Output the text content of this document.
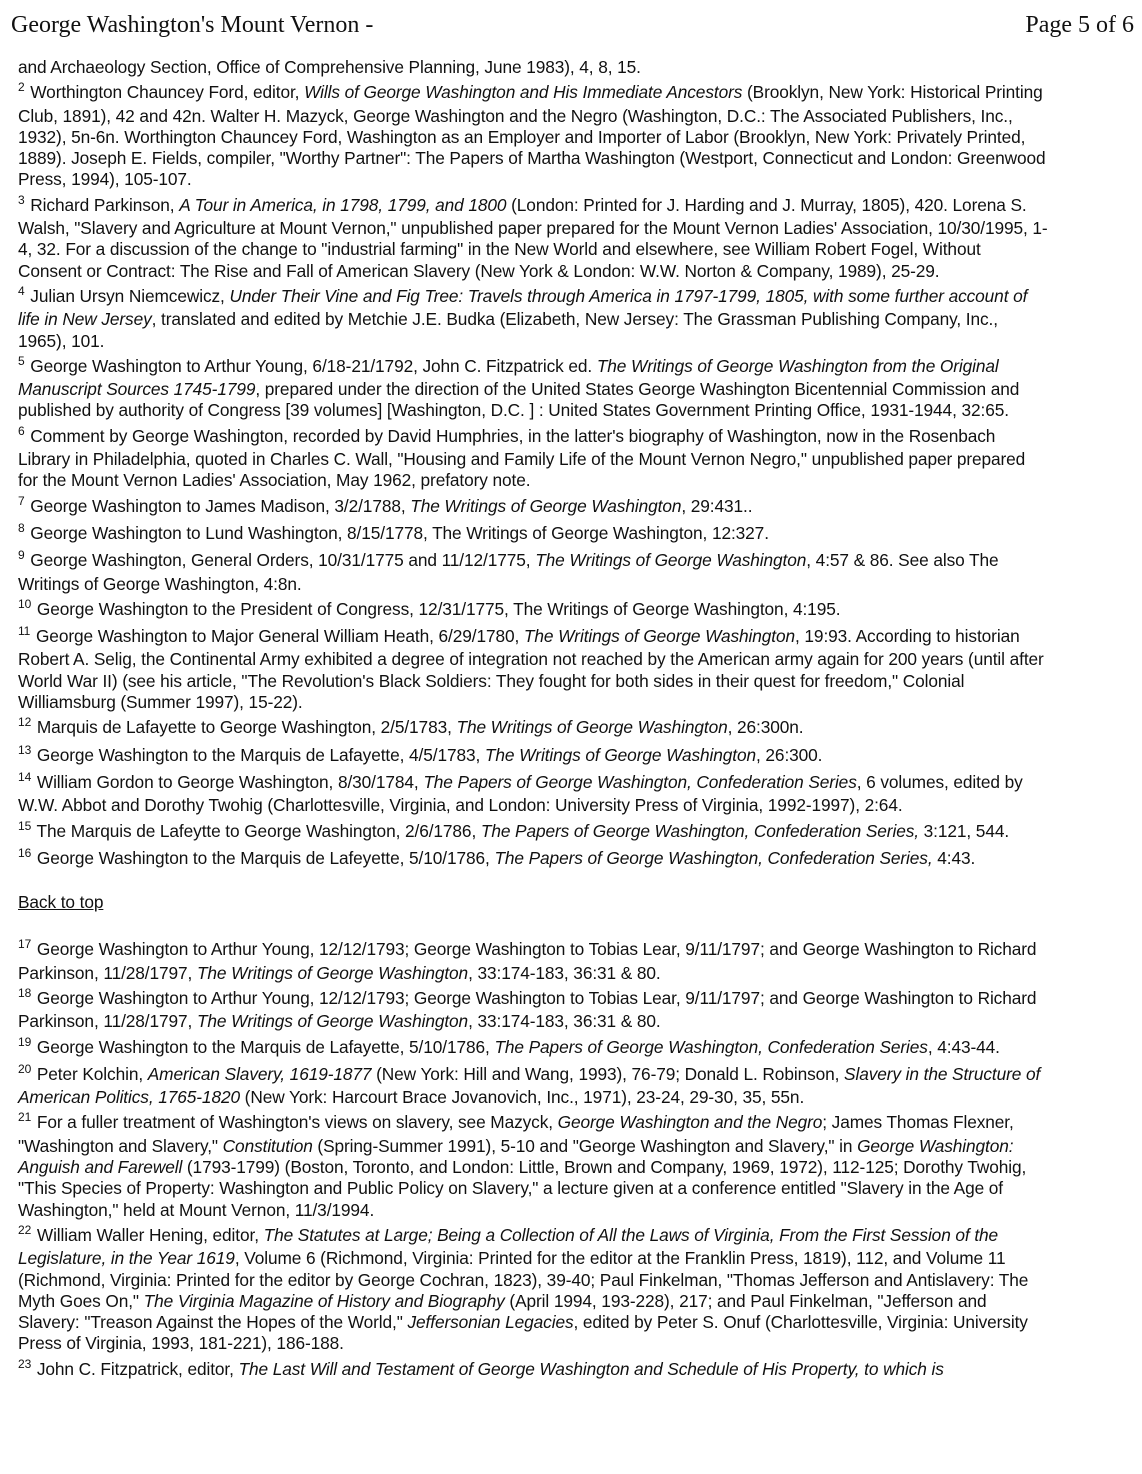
George Washington's Mount Vernon -	Page 5 of 6

and Archaeology Section, Office of Comprehensive Planning, June 1983), 4, 8, 15.

$^2$ Worthington Chauncey Ford, editor, Wills of George Washington and His Immediate Ancestors (Brooklyn, New York: Historical Printing Club, 1891), 42 and 42n. Walter H. Mazyck, George Washington and the Negro (Washington, D.C.: The Associated Publishers, Inc., 1932), 5n-6n. Worthington Chauncey Ford, Washington as an Employer and Importer of Labor (Brooklyn, New York: Privately Printed, 1889). Joseph E. Fields, compiler, "Worthy Partner": The Papers of Martha Washington (Westport, Connecticut and London: Greenwood Press, 1994), 105-107.

$^3$ Richard Parkinson, A Tour in America, in 1798, 1799, and 1800 (London: Printed for J. Harding and J. Murray, 1805), 420. Lorena S. Walsh, "Slavery and Agriculture at Mount Vernon," unpublished paper prepared for the Mount Vernon Ladies' Association, 10/30/1995, 1-4, 32. For a discussion of the change to "industrial farming" in the New World and elsewhere, see William Robert Fogel, Without Consent or Contract: The Rise and Fall of American Slavery (New York & London: W.W. Norton & Company, 1989), 25-29.

$^4$ Julian Ursyn Niemcewicz, Under Their Vine and Fig Tree: Travels through America in 1797-1799, 1805, with some further account of life in New Jersey, translated and edited by Metchie J.E. Budka (Elizabeth, New Jersey: The Grassman Publishing Company, Inc., 1965), 101.

$^5$ George Washington to Arthur Young, 6/18-21/1792, John C. Fitzpatrick ed. The Writings of George Washington from the Original Manuscript Sources 1745-1799, prepared under the direction of the United States George Washington Bicentennial Commission and published by authority of Congress [39 volumes] [Washington, D.C. ] : United States Government Printing Office, 1931-1944, 32:65.

$^6$ Comment by George Washington, recorded by David Humphries, in the latter's biography of Washington, now in the Rosenbach Library in Philadelphia, quoted in Charles C. Wall, "Housing and Family Life of the Mount Vernon Negro," unpublished paper prepared for the Mount Vernon Ladies' Association, May 1962, prefatory note.

$^7$ George Washington to James Madison, 3/2/1788, The Writings of George Washington, 29:431..

$^8$ George Washington to Lund Washington, 8/15/1778, The Writings of George Washington, 12:327.

$^9$ George Washington, General Orders, 10/31/1775 and 11/12/1775, The Writings of George Washington, 4:57 & 86. See also The Writings of George Washington, 4:8n.

$^{10}$ George Washington to the President of Congress, 12/31/1775, The Writings of George Washington, 4:195.

$^{11}$ George Washington to Major General William Heath, 6/29/1780, The Writings of George Washington, 19:93. According to historian Robert A. Selig, the Continental Army exhibited a degree of integration not reached by the American army again for 200 years (until after World War II) (see his article, "The Revolution's Black Soldiers: They fought for both sides in their quest for freedom," Colonial Williamsburg (Summer 1997), 15-22).

$^{12}$ Marquis de Lafayette to George Washington, 2/5/1783, The Writings of George Washington, 26:300n.

$^{13}$ George Washington to the Marquis de Lafayette, 4/5/1783, The Writings of George Washington, 26:300.

$^{14}$ William Gordon to George Washington, 8/30/1784, The Papers of George Washington, Confederation Series, 6 volumes, edited by W.W. Abbot and Dorothy Twohig (Charlottesville, Virginia, and London: University Press of Virginia, 1992-1997), 2:64.

$^{15}$ The Marquis de Lafeytte to George Washington, 2/6/1786, The Papers of George Washington, Confederation Series, 3:121, 544.

$^{16}$ George Washington to the Marquis de Lafeyette, 5/10/1786, The Papers of George Washington, Confederation Series, 4:43.

Back to top

$^{17}$ George Washington to Arthur Young, 12/12/1793; George Washington to Tobias Lear, 9/11/1797; and George Washington to Richard Parkinson, 11/28/1797, The Writings of George Washington, 33:174-183, 36:31 & 80.

$^{18}$ George Washington to Arthur Young, 12/12/1793; George Washington to Tobias Lear, 9/11/1797; and George Washington to Richard Parkinson, 11/28/1797, The Writings of George Washington, 33:174-183, 36:31 & 80.

$^{19}$ George Washington to the Marquis de Lafayette, 5/10/1786, The Papers of George Washington, Confederation Series, 4:43-44.

$^{20}$ Peter Kolchin, American Slavery, 1619-1877 (New York: Hill and Wang, 1993), 76-79; Donald L. Robinson, Slavery in the Structure of American Politics, 1765-1820 (New York: Harcourt Brace Jovanovich, Inc., 1971), 23-24, 29-30, 35, 55n.

$^{21}$ For a fuller treatment of Washington's views on slavery, see Mazyck, George Washington and the Negro; James Thomas Flexner, "Washington and Slavery," Constitution (Spring-Summer 1991), 5-10 and "George Washington and Slavery," in George Washington: Anguish and Farewell (1793-1799) (Boston, Toronto, and London: Little, Brown and Company, 1969, 1972), 112-125; Dorothy Twohig, "This Species of Property: Washington and Public Policy on Slavery," a lecture given at a conference entitled "Slavery in the Age of Washington," held at Mount Vernon, 11/3/1994.

$^{22}$ William Waller Hening, editor, The Statutes at Large; Being a Collection of All the Laws of Virginia, From the First Session of the Legislature, in the Year 1619, Volume 6 (Richmond, Virginia: Printed for the editor at the Franklin Press, 1819), 112, and Volume 11 (Richmond, Virginia: Printed for the editor by George Cochran, 1823), 39-40; Paul Finkelman, "Thomas Jefferson and Antislavery: The Myth Goes On," The Virginia Magazine of History and Biography (April 1994, 193-228), 217; and Paul Finkelman, "Jefferson and Slavery: "Treason Against the Hopes of the World," Jeffersonian Legacies, edited by Peter S. Onuf (Charlottesville, Virginia: University Press of Virginia, 1993, 181-221), 186-188.

$^{23}$ John C. Fitzpatrick, editor, The Last Will and Testament of George Washington and Schedule of His Property, to which is
